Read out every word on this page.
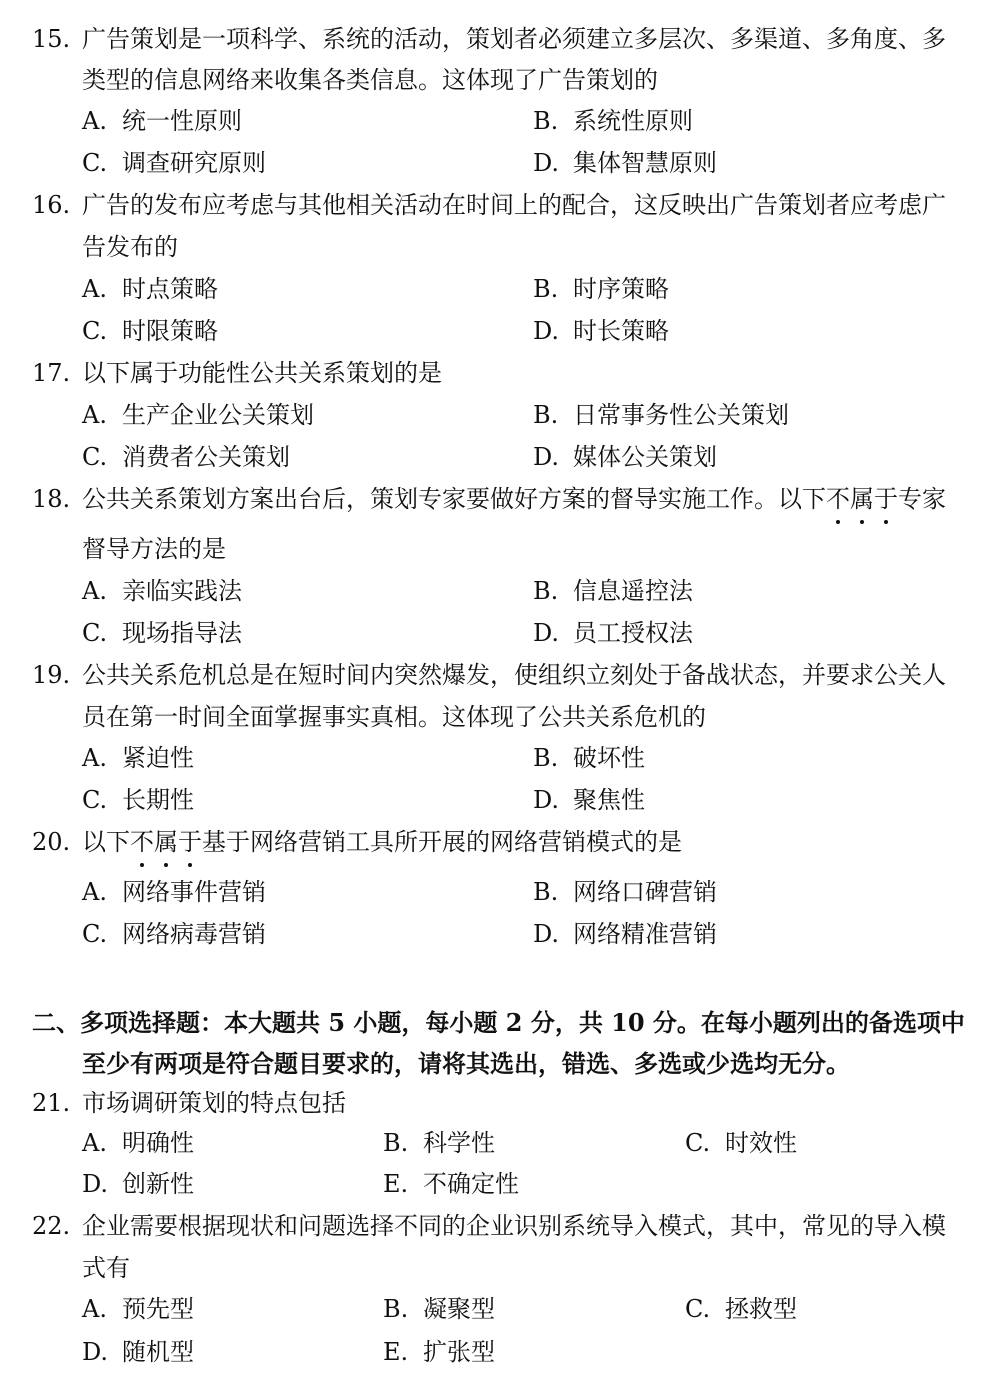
15. 广告策划是一项科学、系统的活动，策划者必须建立多层次、多渠道、多角度、多
类型的信息网络来收集各类信息。这体现了广告策划的
A. 统一性原则	B. 系统性原则
C. 调查研究原则	D. 集体智慧原则
16. 广告的发布应考虑与其他相关活动在时间上的配合，这反映出广告策划者应考虑广
告发布的
A. 时点策略	B. 时序策略
C. 时限策略	D. 时长策略
17. 以下属于功能性公共关系策划的是
A. 生产企业公关策划	B. 日常事务性公关策划
C. 消费者公关策划	D. 媒体公关策划
18. 公共关系策划方案出台后，策划专家要做好方案的督导实施工作。以下不属于专家
督导方法的是
A. 亲临实践法	B. 信息遥控法
C. 现场指导法	D. 员工授权法
19. 公共关系危机总是在短时间内突然爆发，使组织立刻处于备战状态，并要求公关人
员在第一时间全面掌握事实真相。这体现了公共关系危机的
A. 紧迫性	B. 破坏性
C. 长期性	D. 聚焦性
20. 以下不属于基于网络营销工具所开展的网络营销模式的是
A. 网络事件营销	B. 网络口碑营销
C. 网络病毒营销	D. 网络精准营销
二、多项选择题：本大题共 5 小题，每小题 2 分，共 10 分。在每小题列出的备选项中
至少有两项是符合题目要求的，请将其选出，错选、多选或少选均无分。
21. 市场调研策划的特点包括
A. 明确性	B. 科学性	C. 时效性
D. 创新性	E. 不确定性
22. 企业需要根据现状和问题选择不同的企业识别系统导入模式，其中，常见的导入模
式有
A. 预先型	B. 凝聚型	C. 拯救型
D. 随机型	E. 扩张型
